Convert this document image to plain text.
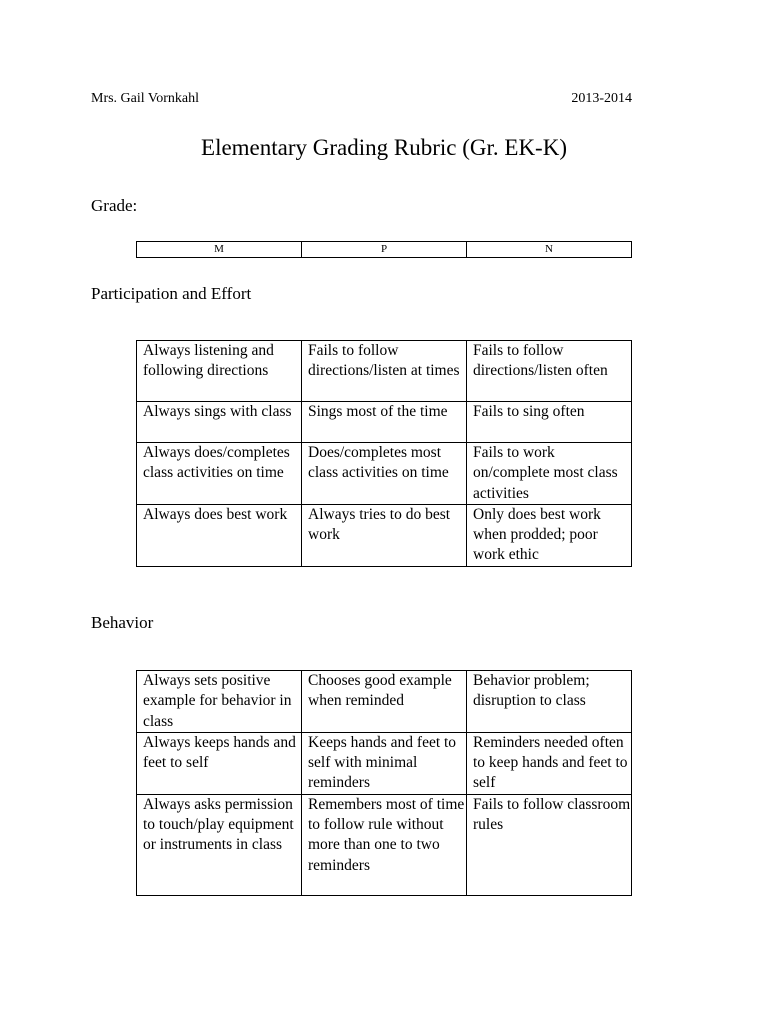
Mrs. Gail Vornkahl	2013-2014
Elementary Grading Rubric (Gr. EK-K)
Grade:
M	P	N
Participation and Effort
Always listening and following directions	Fails to follow directions/listen at times	Fails to follow directions/listen often
Always sings with class	Sings most of the time	Fails to sing often
Always does/completes class activities on time	Does/completes most class activities on time	Fails to work on/complete most class activities
Always does best work	Always tries to do best work	Only does best work when prodded; poor work ethic
Behavior
Always sets positive example for behavior in class	Chooses good example when reminded	Behavior problem; disruption to class
Always keeps hands and feet to self	Keeps hands and feet to self with minimal reminders	Reminders needed often to keep hands and feet to self
Always asks permission to touch/play equipment or instruments in class	Remembers most of time to follow rule without more than one to two reminders	Fails to follow classroom rules
